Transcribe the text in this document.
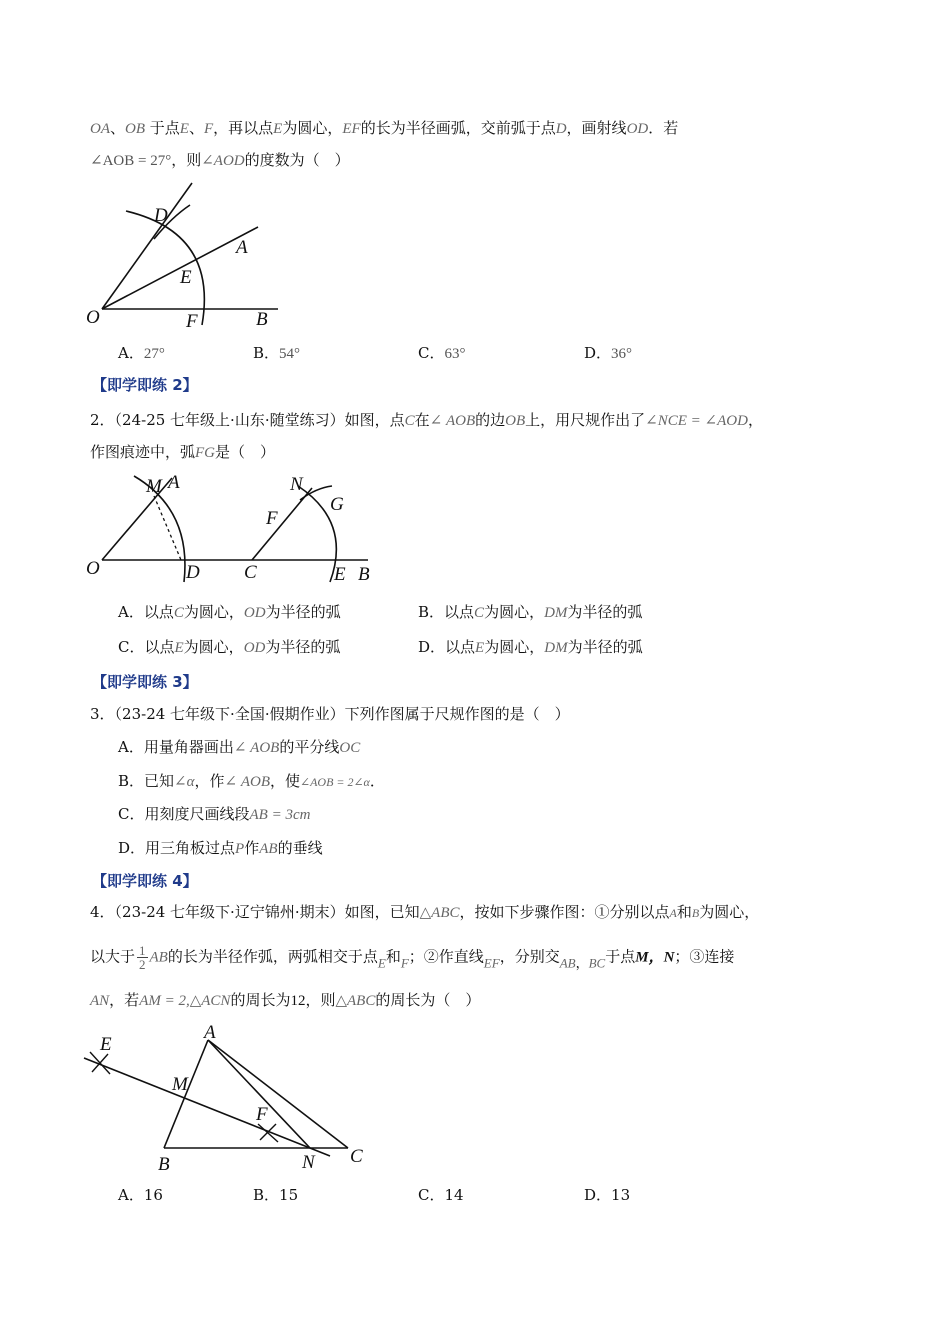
OA、OB 于点E、F，再以点E为圆心，EF的长为半径画弧，交前弧于点D，画射线OD．若
∠AOB = 27°，则∠AOD的度数为（　）
D
A
E
O	F	B
A．27°	B．54°	C．63°	D．36°
【即学即练 2】
2．（24-25 七年级上·山东·随堂练习）如图，点C在∠ AOB的边OB上，用尺规作出了∠NCE = ∠AOD，
作图痕迹中，弧FG是（　）
M A
O	D
N
G
F
C	E B
A．以点C为圆心，OD为半径的弧	B．以点C为圆心，DM为半径的弧
C．以点E为圆心，OD为半径的弧	D．以点E为圆心，DM为半径的弧
【即学即练 3】
3．（23-24 七年级下·全国·假期作业）下列作图属于尺规作图的是（　）
A．用量角器画出∠ AOB的平分线OC
B．已知∠α，作∠ AOB，使∠AOB = 2∠α．
C．用刻度尺画线段AB = 3cm
D．用三角板过点P作AB的垂线
【即学即练 4】
4．（23-24 七年级下·辽宁锦州·期末）如图，已知△ABC，按如下步骤作图：①分别以点A和B为圆心，
以大于 $\frac{1}{2}$ AB的长为半径作弧，两弧相交于点E和F；②作直线EF，分别交AB，BC于点M，N；③连接
AN，若AM = 2,△ACN的周长为12，则△ABC的周长为（　）
E
A
M
F
B	N C
A．16	B．15	C．14	D．13
